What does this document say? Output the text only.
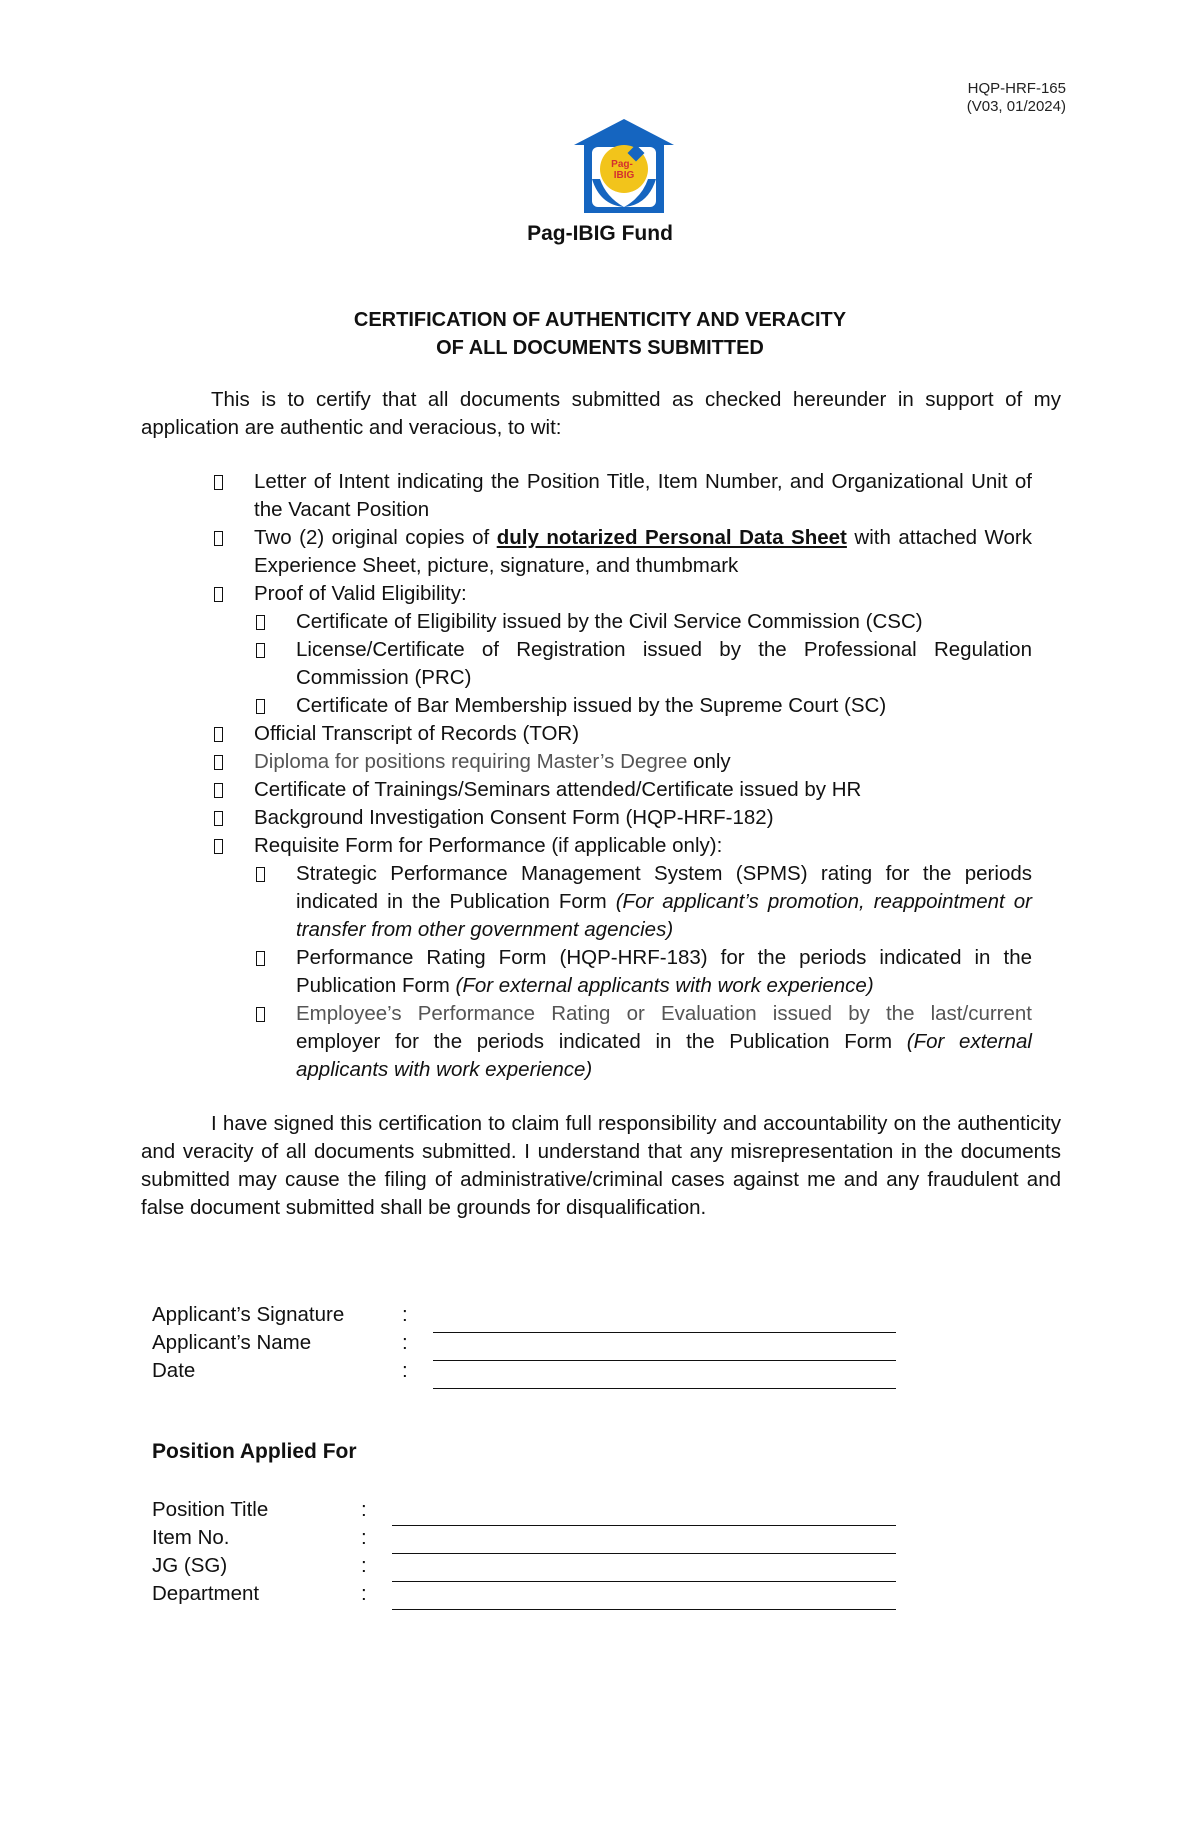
HQP-HRF-165
(V03, 01/2024)
Pag-
IBIG
Pag-IBIG Fund
CERTIFICATION OF AUTHENTICITY AND VERACITY
OF ALL DOCUMENTS SUBMITTED
This is to certify that all documents submitted as checked hereunder in support of my application are authentic and veracious, to wit:
Letter of Intent indicating the Position Title, Item Number, and Organizational Unit of the Vacant Position
Two (2) original copies of duly notarized Personal Data Sheet with attached Work Experience Sheet, picture, signature, and thumbmark
Proof of Valid Eligibility:
Certificate of Eligibility issued by the Civil Service Commission (CSC)
License/Certificate of Registration issued by the Professional Regulation Commission (PRC)
Certificate of Bar Membership issued by the Supreme Court (SC)
Official Transcript of Records (TOR)
Diploma for positions requiring Master’s Degree only
Certificate of Trainings/Seminars attended/Certificate issued by HR
Background Investigation Consent Form (HQP-HRF-182)
Requisite Form for Performance (if applicable only):
Strategic Performance Management System (SPMS) rating for the periods indicated in the Publication Form (For applicant’s promotion, reappointment or transfer from other government agencies)
Performance Rating Form (HQP-HRF-183) for the periods indicated in the Publication Form (For external applicants with work experience)
Employee’s Performance Rating or Evaluation issued by the last/current employer for the periods indicated in the Publication Form (For external applicants with work experience)
I have signed this certification to claim full responsibility and accountability on the authenticity and veracity of all documents submitted. I understand that any misrepresentation in the documents submitted may cause the filing of administrative/criminal cases against me and any fraudulent and false document submitted shall be grounds for disqualification.
Applicant’s Signature	:
Applicant’s Name	:
Date	:
Position Applied For
Position Title	:
Item No.	:
JG (SG)	:
Department	:
